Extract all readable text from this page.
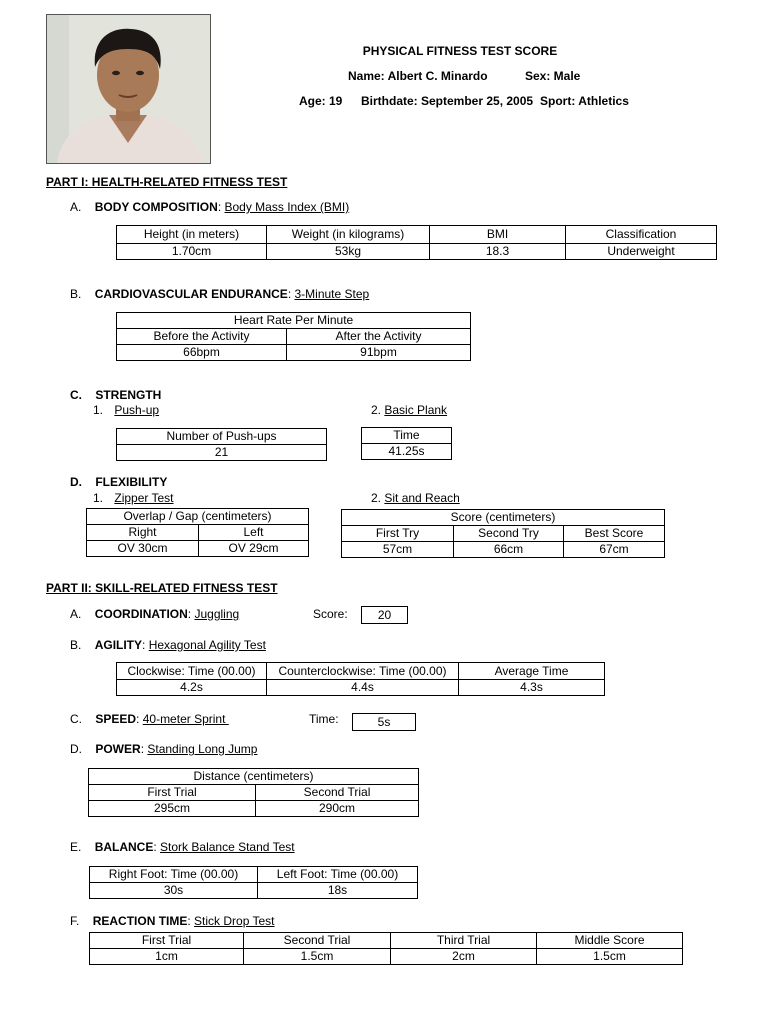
PHYSICAL FITNESS TEST SCORE
Name: Albert C. Minardo	Sex: Male
Age: 19 Birthdate: September 25, 2005 Sport: Athletics
PART I: HEALTH-RELATED FITNESS TEST
A. BODY COMPOSITION: Body Mass Index (BMI)
Height (in meters)	Weight (in kilograms)	BMI	Classification
1.70cm	53kg	18.3	Underweight
B. CARDIOVASCULAR ENDURANCE: 3-Minute Step
Heart Rate Per Minute	
Before the Activity	After the Activity
66bpm	91bpm
C. STRENGTH
1. Push-up	2. Basic Plank
Number of Push-ups
21
Time
41.25s
D. FLEXIBILITY
1. Zipper Test	2. Sit and Reach
Overlap / Gap (centimeters)	
Right	Left
OV 30cm	OV 29cm
Score (centimeters)		
First Try	Second Try	Best Score
57cm	66cm	67cm
PART II: SKILL-RELATED FITNESS TEST
A. COORDINATION: Juggling	Score:	20
B. AGILITY: Hexagonal Agility Test
Clockwise: Time (00.00)	Counterclockwise: Time (00.00)	Average Time
4.2s	4.4s	4.3s
C. SPEED: 40-meter Sprint	Time:	5s
D. POWER: Standing Long Jump
Distance (centimeters)	
First Trial	Second Trial
295cm	290cm
E. BALANCE: Stork Balance Stand Test
Right Foot: Time (00.00)	Left Foot: Time (00.00)
30s	18s
F. REACTION TIME: Stick Drop Test
First Trial	Second Trial	Third Trial	Middle Score
1cm	1.5cm	2cm	1.5cm
